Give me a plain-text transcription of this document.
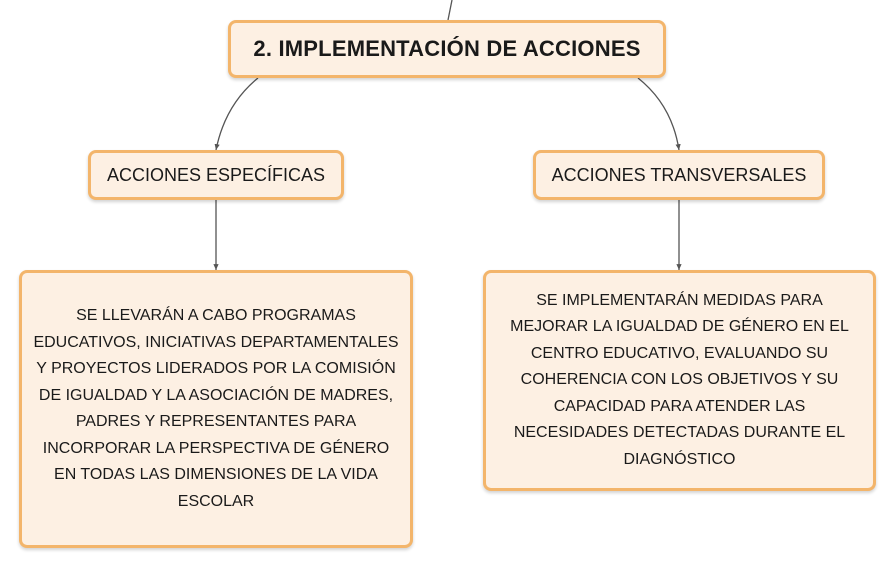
2. IMPLEMENTACIÓN DE ACCIONES
ACCIONES ESPECÍFICAS	ACCIONES TRANSVERSALES
SE LLEVARÁN A CABO PROGRAMAS EDUCATIVOS, INICIATIVAS DEPARTAMENTALES Y PROYECTOS LIDERADOS POR LA COMISIÓN DE IGUALDAD Y LA ASOCIACIÓN DE MADRES, PADRES Y REPRESENTANTES PARA INCORPORAR LA PERSPECTIVA DE GÉNERO EN TODAS LAS DIMENSIONES DE LA VIDA ESCOLAR
SE IMPLEMENTARÁN MEDIDAS PARA MEJORAR LA IGUALDAD DE GÉNERO EN EL CENTRO EDUCATIVO, EVALUANDO SU COHERENCIA CON LOS OBJETIVOS Y SU CAPACIDAD PARA ATENDER LAS NECESIDADES DETECTADAS DURANTE EL DIAGNÓSTICO
